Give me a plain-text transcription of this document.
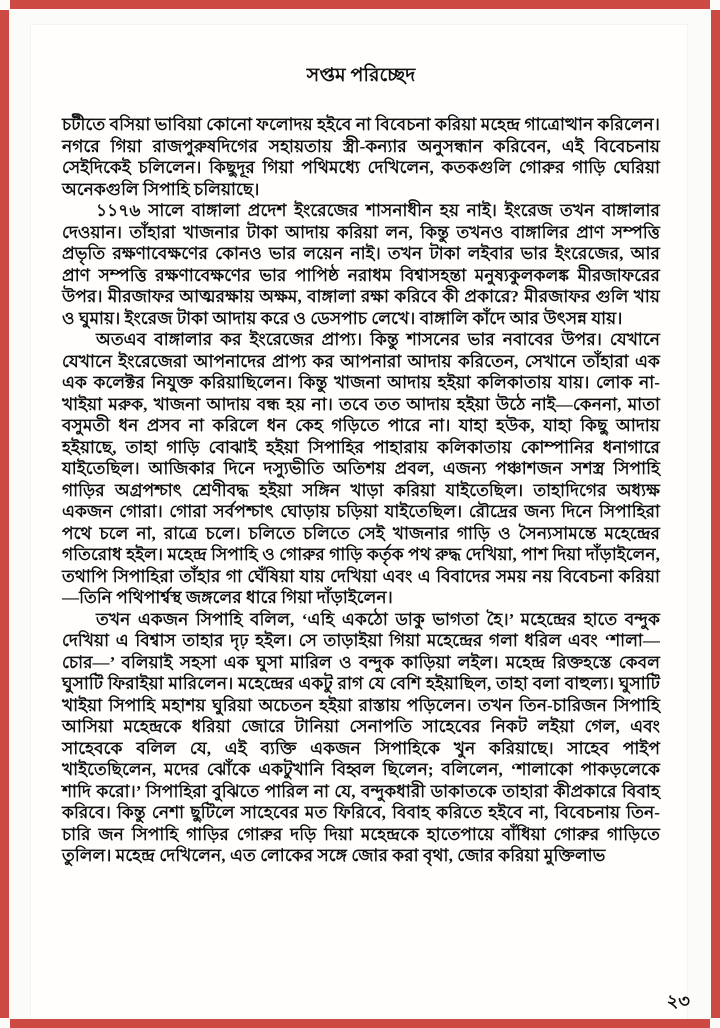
সপ্তম পরিচ্ছেদ

চটীতে বসিয়া ভাবিয়া কোনো ফলোদয় হইবে না বিবেচনা করিয়া মহেন্দ্র গাত্রোত্থান করিলেন। নগরে গিয়া রাজপুরুষদিগের সহায়তায় স্ত্রী-কন্যার অনুসন্ধান করিবেন, এই বিবেচনায় সেইদিকেই চলিলেন। কিছুদূর গিয়া পথিমধ্যে দেখিলেন, কতকগুলি গোরুর গাড়ি ঘেরিয়া অনেকগুলি সিপাহি চলিয়াছে।

১১৭৬ সালে বাঙ্গালা প্রদেশ ইংরেজের শাসনাধীন হয় নাই। ইংরেজ তখন বাঙ্গালার দেওয়ান। তাঁহারা খাজনার টাকা আদায় করিয়া লন, কিন্তু তখনও বাঙ্গালির প্রাণ সম্পত্তি প্রভৃতি রক্ষণাবেক্ষণের কোনও ভার লয়েন নাই। তখন টাকা লইবার ভার ইংরেজের, আর প্রাণ সম্পত্তি রক্ষণাবেক্ষণের ভার পাপিষ্ঠ নরাধম বিশ্বাসহন্তা মনুষ্যকুলকলঙ্ক মীরজাফরের উপর। মীরজাফর আত্মরক্ষায় অক্ষম, বাঙ্গালা রক্ষা করিবে কী প্রকারে? মীরজাফর গুলি খায় ও ঘুমায়। ইংরেজ টাকা আদায় করে ও ডেসপাচ লেখে। বাঙ্গালি কাঁদে আর উৎসন্ন যায়।

অতএব বাঙ্গালার কর ইংরেজের প্রাপ্য। কিন্তু শাসনের ভার নবাবের উপর। যেখানে যেখানে ইংরেজেরা আপনাদের প্রাপ্য কর আপনারা আদায় করিতেন, সেখানে তাঁহারা এক এক কলেক্টর নিযুক্ত করিয়াছিলেন। কিন্তু খাজনা আদায় হইয়া কলিকাতায় যায়। লোক না-খাইয়া মরুক, খাজনা আদায় বন্ধ হয় না। তবে তত আদায় হইয়া উঠে নাই—কেননা, মাতা বসুমতী ধন প্রসব না করিলে ধন কেহ গড়িতে পারে না। যাহা হউক, যাহা কিছু আদায় হইয়াছে, তাহা গাড়ি বোঝাই হইয়া সিপাহির পাহারায় কলিকাতায় কোম্পানির ধনাগারে যাইতেছিল। আজিকার দিনে দস্যুভীতি অতিশয় প্রবল, এজন্য পঞ্চাশজন সশস্ত্র সিপাহি গাড়ির অগ্রপশ্চাৎ শ্রেণীবদ্ধ হইয়া সঙ্গিন খাড়া করিয়া যাইতেছিল। তাহাদিগের অধ্যক্ষ একজন গোরা। গোরা সর্বপশ্চাৎ ঘোড়ায় চড়িয়া যাইতেছিল। রৌদ্রের জন্য দিনে সিপাহিরা পথে চলে না, রাত্রে চলে। চলিতে চলিতে সেই খাজনার গাড়ি ও সৈন্যসামন্তে মহেন্দ্রের গতিরোধ হইল। মহেন্দ্র সিপাহি ও গোরুর গাড়ি কর্তৃক পথ রুদ্ধ দেখিয়া, পাশ দিয়া দাঁড়াইলেন, তথাপি সিপাহিরা তাঁহার গা ঘেঁষিয়া যায় দেখিয়া এবং এ বিবাদের সময় নয় বিবেচনা করিয়া—তিনি পথিপার্শ্বস্থ জঙ্গলের ধারে গিয়া দাঁড়াইলেন।

তখন একজন সিপাহি বলিল, ‘এহি একঠো ডাকু ভাগতা হৈ।’ মহেন্দ্রের হাতে বন্দুক দেখিয়া এ বিশ্বাস তাহার দৃঢ় হইল। সে তাড়াইয়া গিয়া মহেন্দ্রের গলা ধরিল এবং ‘শালা—চোর—’ বলিয়াই সহসা এক ঘুসা মারিল ও বন্দুক কাড়িয়া লইল। মহেন্দ্র রিক্তহস্তে কেবল ঘুসাটি ফিরাইয়া মারিলেন। মহেন্দ্রের একটু রাগ যে বেশি হইয়াছিল, তাহা বলা বাহুল্য। ঘুসাটি খাইয়া সিপাহি মহাশয় ঘুরিয়া অচেতন হইয়া রাস্তায় পড়িলেন। তখন তিন-চারিজন সিপাহি আসিয়া মহেন্দ্রকে ধরিয়া জোরে টানিয়া সেনাপতি সাহেবের নিকট লইয়া গেল, এবং সাহেবকে বলিল যে, এই ব্যক্তি একজন সিপাহিকে খুন করিয়াছে। সাহেব পাইপ খাইতেছিলেন, মদের ঝোঁকে একটুখানি বিহ্বল ছিলেন; বলিলেন, ‘শালাকো পাকড়লেকে শাদি করো।’ সিপাহিরা বুঝিতে পারিল না যে, বন্দুকধারী ডাকাতকে তাহারা কীপ্রকারে বিবাহ করিবে। কিন্তু নেশা ছুটিলে সাহেবের মত ফিরিবে, বিবাহ করিতে হইবে না, বিবেচনায় তিন-চারি জন সিপাহি গাড়ির গোরুর দড়ি দিয়া মহেন্দ্রকে হাতেপায়ে বাঁধিয়া গোরুর গাড়িতে তুলিল। মহেন্দ্র দেখিলেন, এত লোকের সঙ্গে জোর করা বৃথা, জোর করিয়া মুক্তিলাভ

২৩
